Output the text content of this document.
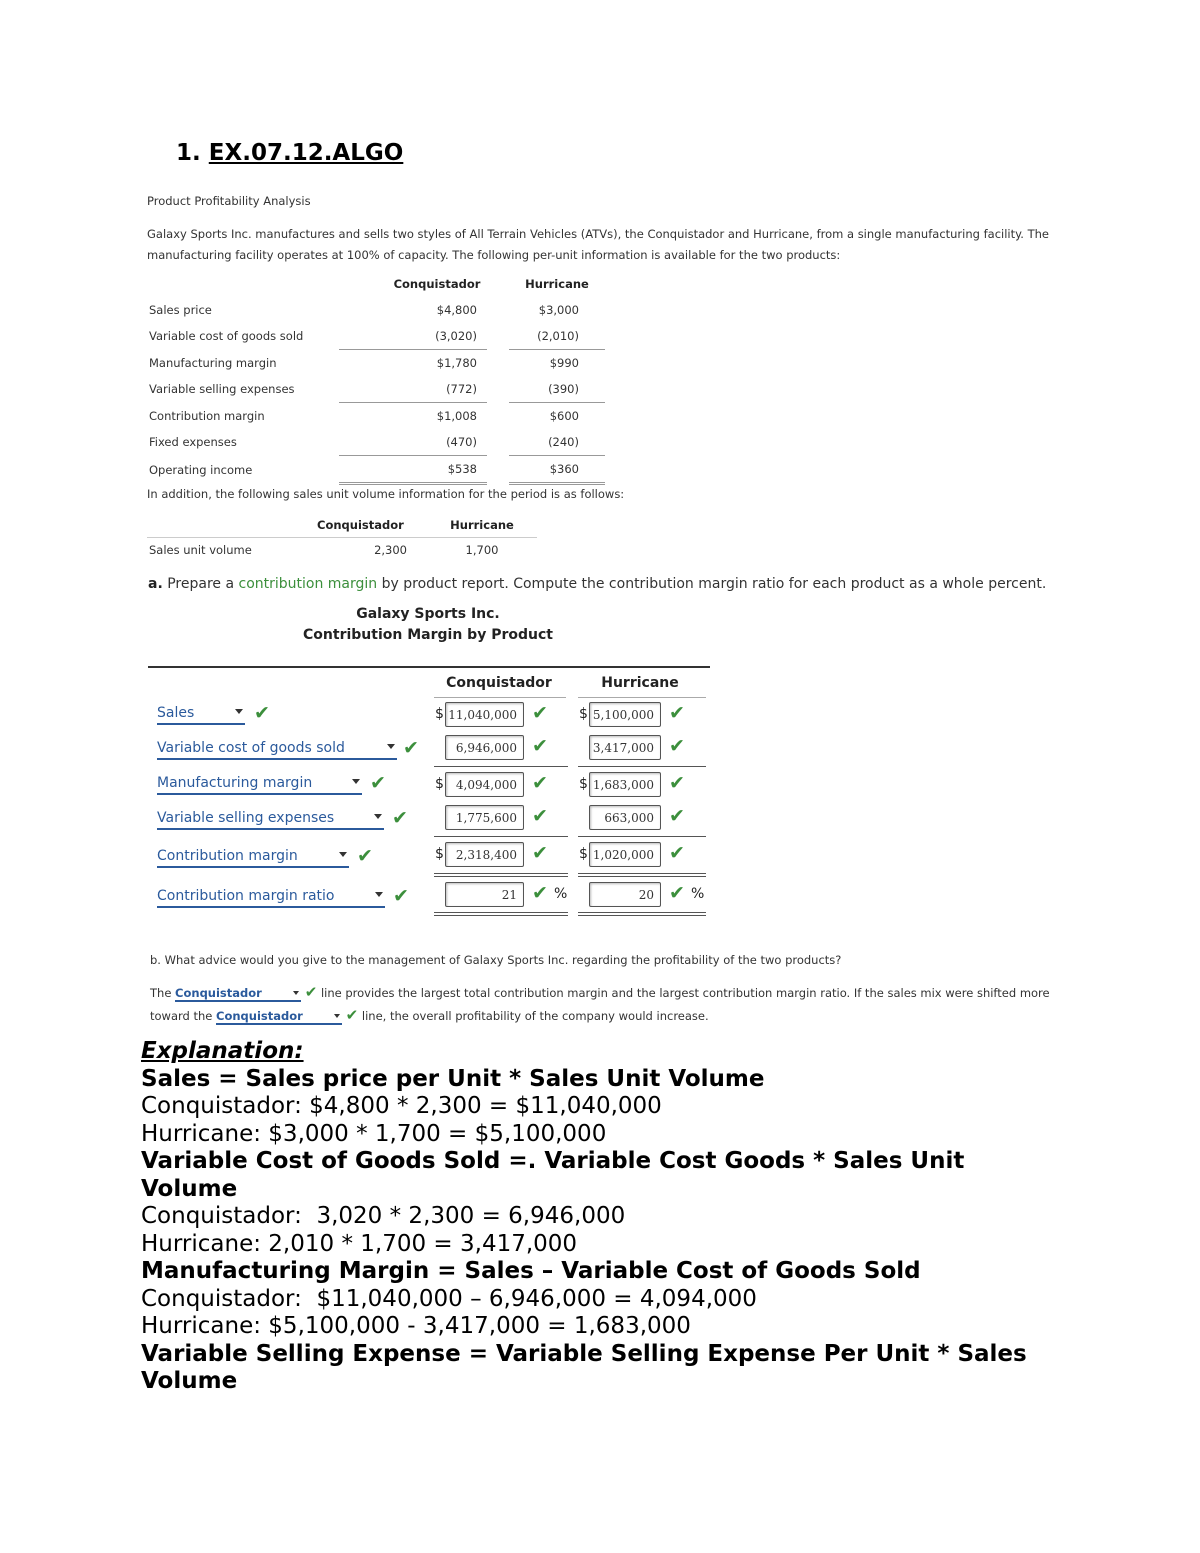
1. EX.07.12.ALGO
Product Profitability Analysis
Galaxy Sports Inc. manufactures and sells two styles of All Terrain Vehicles (ATVs), the Conquistador and Hurricane, from a single manufacturing facility. The
manufacturing facility operates at 100% of capacity. The following per-unit information is available for the two products:
	Conquistador		Hurricane
Sales price	$4,800		$3,000

Variable cost of goods sold	(3,020)		(2,010)

Manufacturing margin	$1,780		$990

Variable selling expenses	(772)		(390)

Contribution margin	$1,008		$600

Fixed expenses	(470)		(240)

Operating income	$538		$360
In addition, the following sales unit volume information for the period is as follows:
	Conquistador	Hurricane
Sales unit volume	2,300	1,700
a. Prepare a contribution margin by product report. Compute the contribution margin ratio for each product as a whole percent.
Galaxy Sports Inc.
Contribution Margin by Product
Conquistador	Hurricane
Sales	✔	$ 11,040,000 ✔ $ 5,100,000 ✔
Variable cost of goods sold	✔	6,946,000 ✔	3,417,000 ✔
Manufacturing margin	✔	$	4,094,000 ✔ $ 1,683,000 ✔
Variable selling expenses	✔	1,775,600 ✔	663,000 ✔
Contribution margin	✔	$	2,318,400 ✔ $ 1,020,000 ✔
Contribution margin ratio	✔	21 ✔ %	20 ✔ %
b. What advice would you give to the management of Galaxy Sports Inc. regarding the profitability of the two products?
The Conquistador	✔ line provides the largest total contribution margin and the largest contribution margin ratio. If the sales mix were shifted more
toward the Conquistador	✔ line, the overall profitability of the company would increase.
Explanation:
Sales = Sales price per Unit * Sales Unit Volume
Conquistador: $4,800 * 2,300 = $11,040,000
Hurricane: $3,000 * 1,700 = $5,100,000
Variable Cost of Goods Sold =. Variable Cost Goods * Sales Unit
Volume
Conquistador:  3,020 * 2,300 = 6,946,000
Hurricane: 2,010 * 1,700 = 3,417,000
Manufacturing Margin = Sales – Variable Cost of Goods Sold
Conquistador:  $11,040,000 – 6,946,000 = 4,094,000
Hurricane: $5,100,000 - 3,417,000 = 1,683,000
Variable Selling Expense = Variable Selling Expense Per Unit * Sales
Volume
